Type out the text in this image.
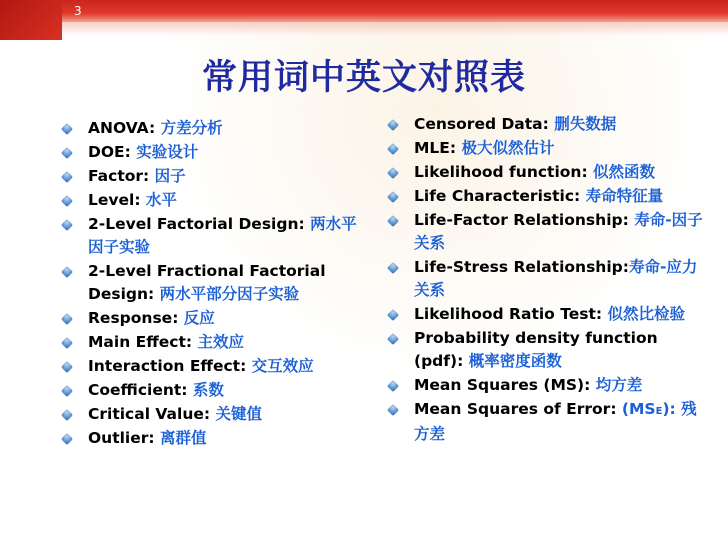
3
常用词中英文对照表
ANOVA: 方差分析
DOE: 实验设计
Factor: 因子
Level: 水平
2-Level Factorial Design: 两水平因子实验
2-Level Fractional Factorial Design: 两水平部分因子实验
Response: 反应
Main Effect: 主效应
Interaction Effect: 交互效应
Coefficient: 系数
Critical Value: 关键值
Outlier: 离群值
Censored Data: 删失数据
MLE: 极大似然估计
Likelihood function: 似然函数
Life Characteristic: 寿命特征量
Life-Factor Relationship: 寿命-因子关系
Life-Stress Relationship:寿命-应力关系
Likelihood Ratio Test: 似然比检验
Probability density function (pdf): 概率密度函数
Mean Squares (MS): 均方差
Mean Squares of Error: (MSE): 残方差
